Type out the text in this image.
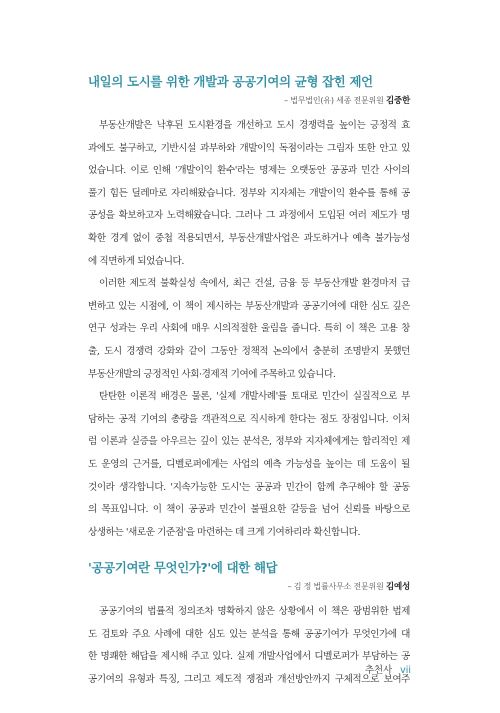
내일의 도시를 위한 개발과 공공기여의 균형 잡힌 제언
– 법무법인(유) 세종 전문위원 김중한
부동산개발은 낙후된 도시환경을 개선하고 도시 경쟁력을 높이는 긍정적 효
과에도 불구하고, 기반시설 과부하와 개발이익 독점이라는 그림자 또한 안고 있
었습니다. 이로 인해 '개발이익 환수'라는 명제는 오랫동안 공공과 민간 사이의
풀기 힘든 딜레마로 자리해왔습니다. 정부와 지자체는 개발이익 환수를 통해 공
공성을 확보하고자 노력해왔습니다. 그러나 그 과정에서 도입된 여러 제도가 명
확한 경계 없이 중첩 적용되면서, 부동산개발사업은 과도하거나 예측 불가능성
에 직면하게 되었습니다.
이러한 제도적 불확실성 속에서, 최근 건설, 금융 등 부동산개발 환경마저 급
변하고 있는 시점에, 이 책이 제시하는 부동산개발과 공공기여에 대한 심도 깊은
연구 성과는 우리 사회에 매우 시의적절한 울림을 줍니다. 특히 이 책은 고용 창
출, 도시 경쟁력 강화와 같이 그동안 정책적 논의에서 충분히 조명받지 못했던
부동산개발의 긍정적인 사회·경제적 기여에 주목하고 있습니다.
탄탄한 이론적 배경은 물론, '실제 개발사례'를 토대로 민간이 실질적으로 부
담하는 공적 기여의 총량을 객관적으로 직시하게 한다는 점도 장점입니다. 이처
럼 이론과 실증을 아우르는 깊이 있는 분석은, 정부와 지자체에게는 합리적인 제
도 운영의 근거를, 디벨로퍼에게는 사업의 예측 가능성을 높이는 데 도움이 될
것이라 생각합니다. '지속가능한 도시'는 공공과 민간이 함께 추구해야 할 공동
의 목표입니다. 이 책이 공공과 민간이 불필요한 갈등을 넘어 신뢰를 바탕으로
상생하는 '새로운 기준점'을 마련하는 데 크게 기여하리라 확신합니다.
'공공기여란 무엇인가?'에 대한 해답
– 김 정 법률사무소 전문위원 김예성
공공기여의 법률적 정의조차 명확하지 않은 상황에서 이 책은 광범위한 법제
도 검토와 주요 사례에 대한 심도 있는 분석을 통해 공공기여가 무엇인가에 대
한 명쾌한 해답을 제시해 주고 있다. 실제 개발사업에서 디벨로퍼가 부담하는 공
공기여의 유형과 특징, 그리고 제도적 쟁점과 개선방안까지 구체적으로 보여주
추천사 vii
